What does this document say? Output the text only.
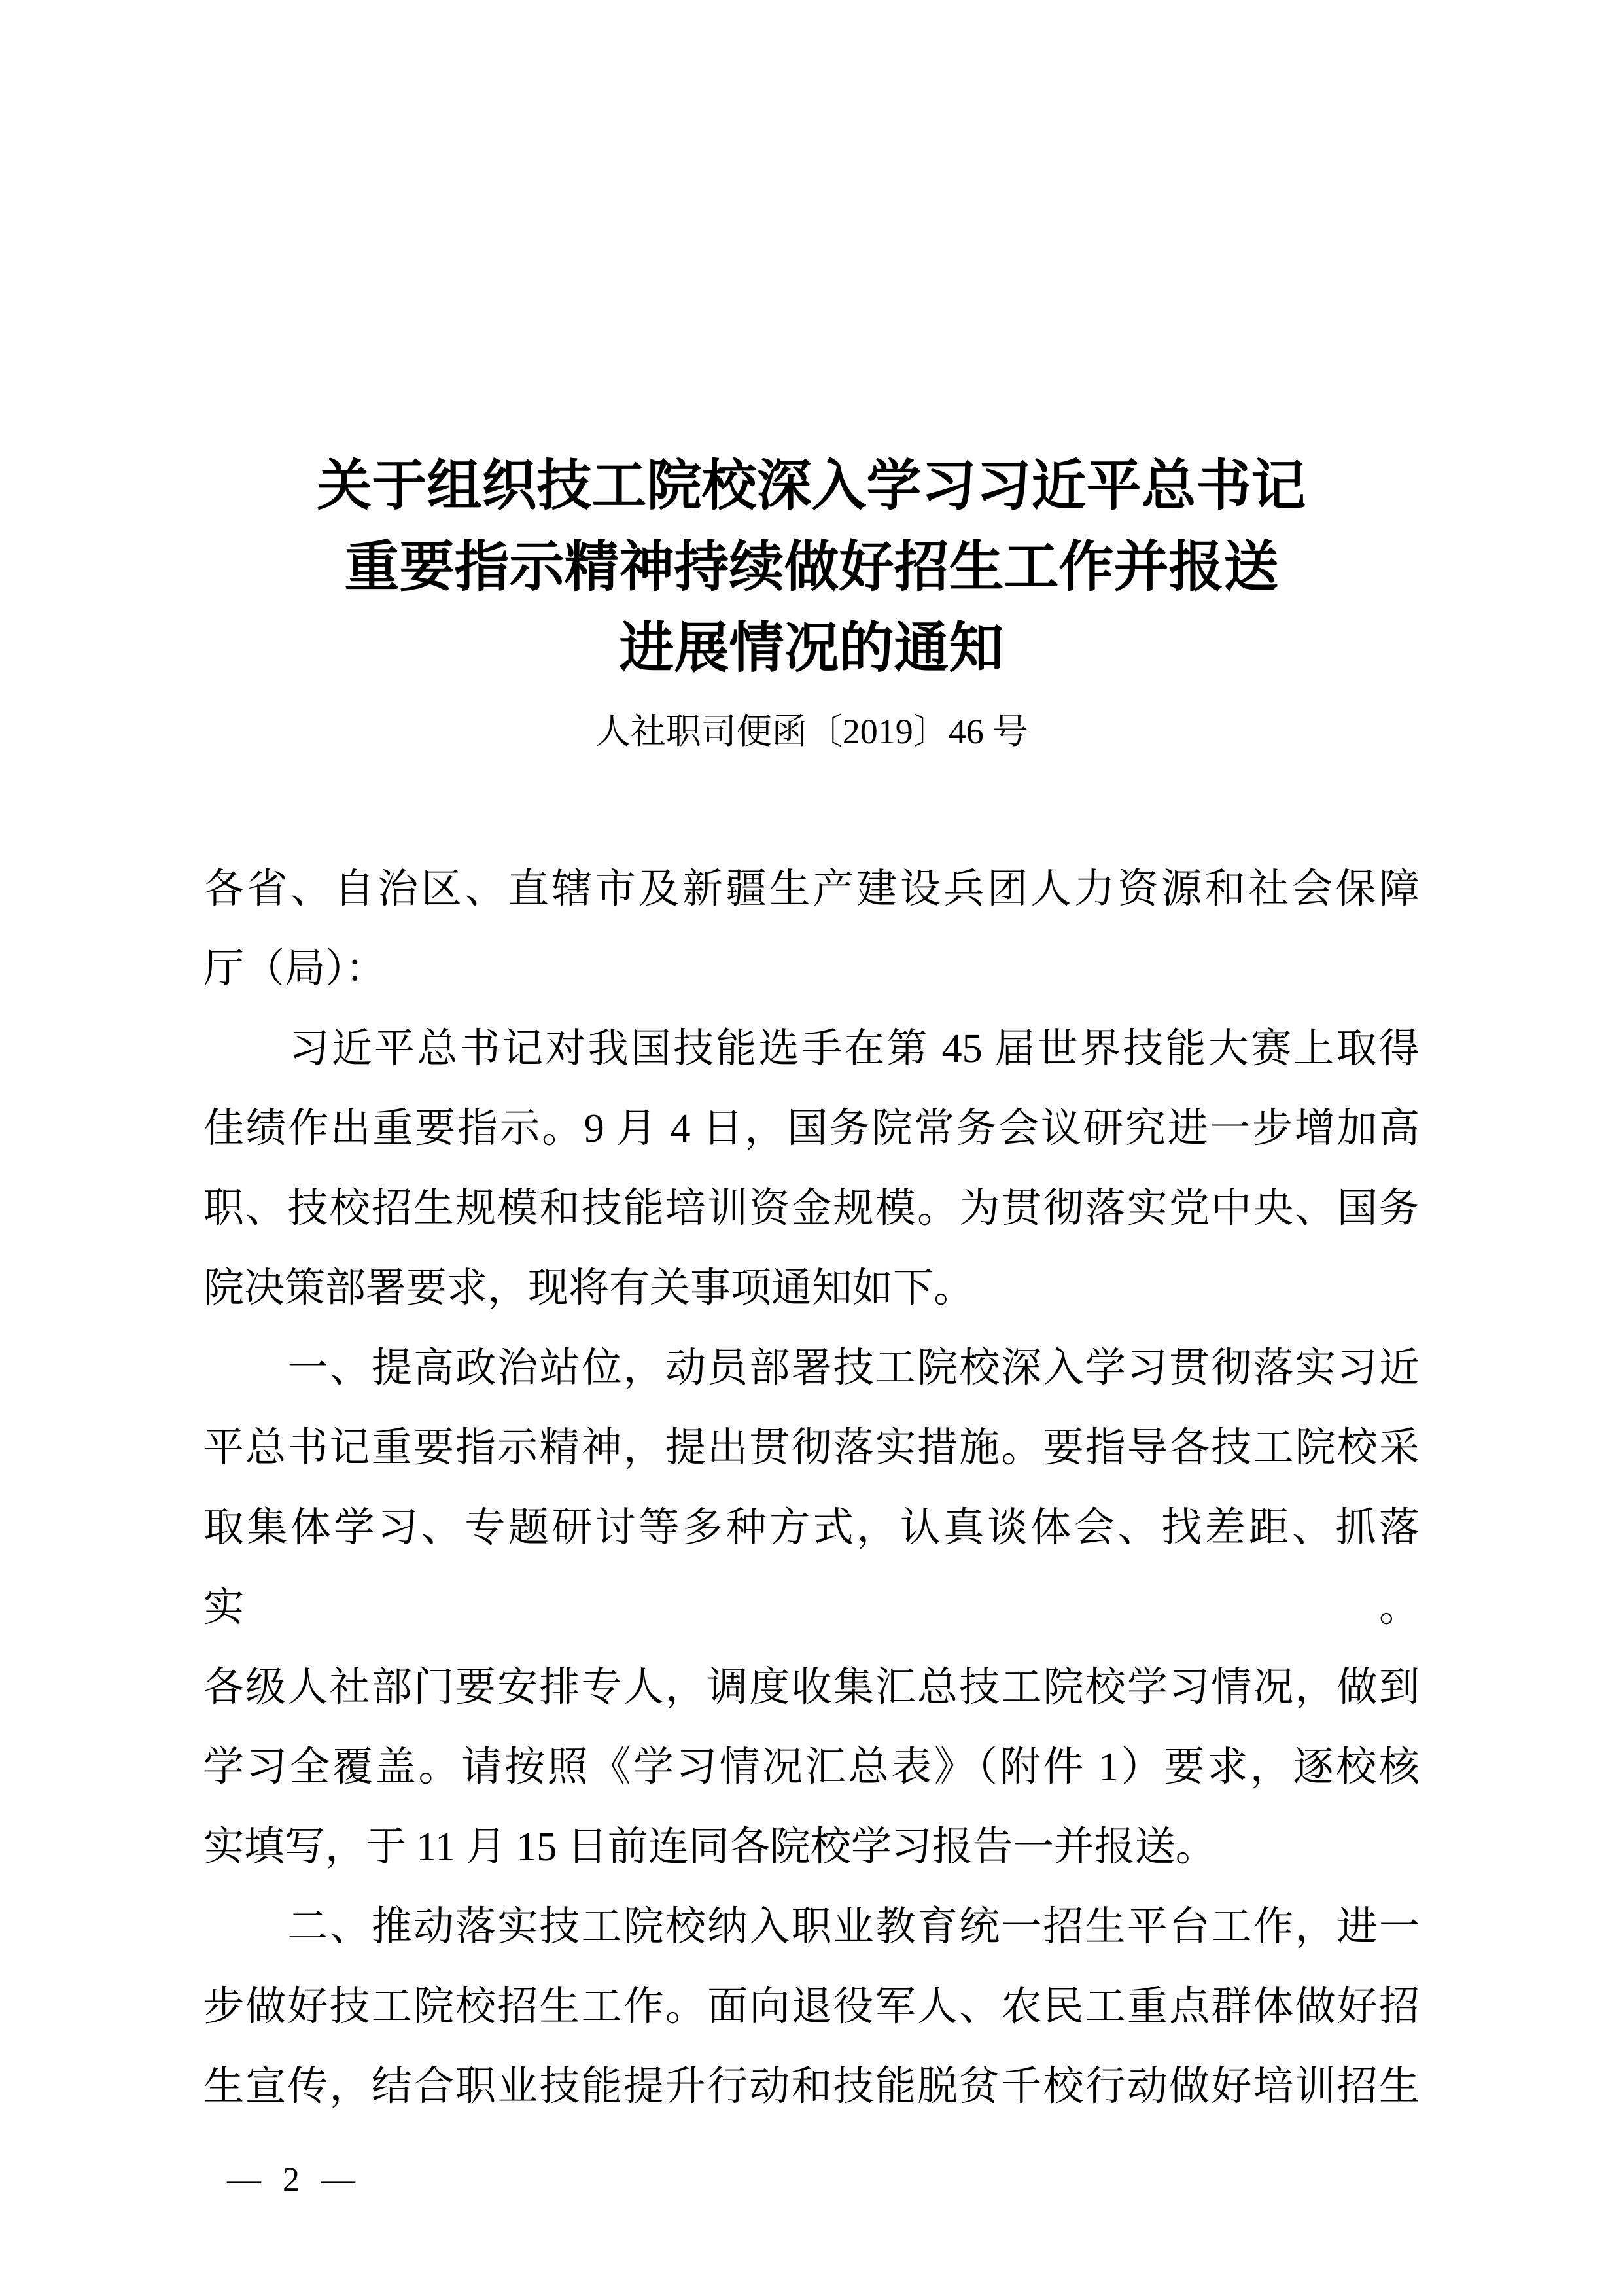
关于组织技工院校深入学习习近平总书记
重要指示精神持续做好招生工作并报送
进展情况的通知
人社职司便函〔2019〕46 号
各省、自治区、直辖市及新疆生产建设兵团人力资源和社会保障
厅（局）：
　　习近平总书记对我国技能选手在第 45 届世界技能大赛上取得
佳绩作出重要指示。9 月 4 日，国务院常务会议研究进一步增加高
职、技校招生规模和技能培训资金规模。为贯彻落实党中央、国务
院决策部署要求，现将有关事项通知如下。
　　一、提高政治站位，动员部署技工院校深入学习贯彻落实习近
平总书记重要指示精神，提出贯彻落实措施。要指导各技工院校采
取集体学习、专题研讨等多种方式，认真谈体会、找差距、抓落实。
各级人社部门要安排专人，调度收集汇总技工院校学习情况，做到
学习全覆盖。请按照《学习情况汇总表》（附件 1）要求，逐校核
实填写，于 11 月 15 日前连同各院校学习报告一并报送。
　　二、推动落实技工院校纳入职业教育统一招生平台工作，进一
步做好技工院校招生工作。面向退役军人、农民工重点群体做好招
生宣传，结合职业技能提升行动和技能脱贫千校行动做好培训招生
— 2 —
